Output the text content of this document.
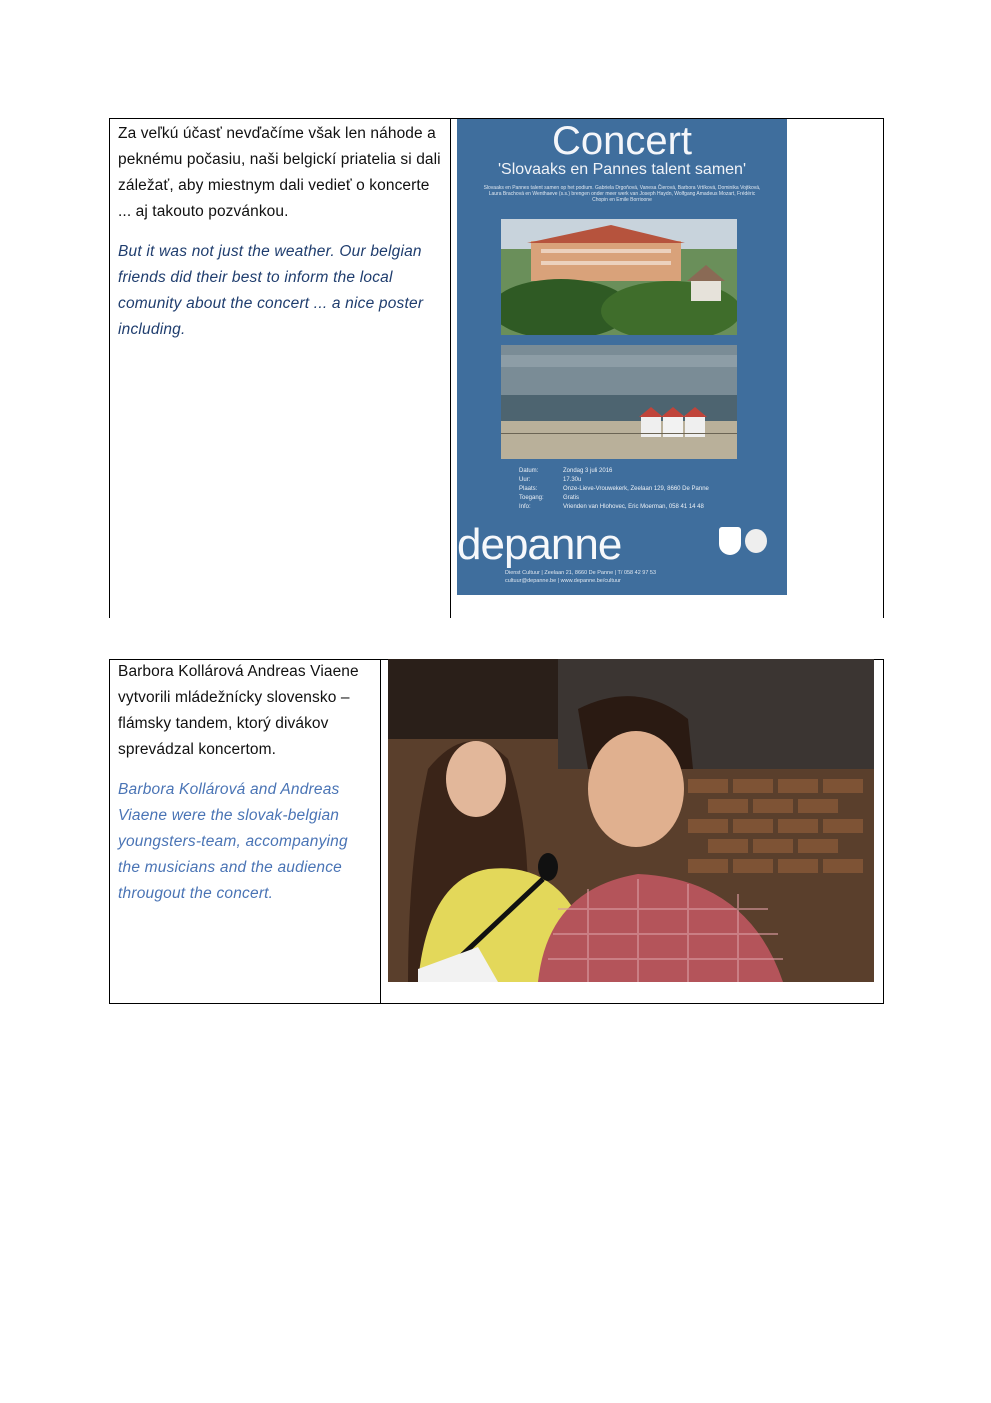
Za veľkú účasť nevďačíme však len náhode a peknému počasiu, naši belgickí priatelia si dali záležať, aby miestnym dali vedieť o koncerte ... aj takouto pozvánkou.

But it was not just the weather. Our belgian friends did their best to inform the local comunity about the concert ... a nice poster including.

Concert
'Slovaaks en Pannes talent samen'
Slovaaks en Pannes talent samen op het podium. Gabriela Drgoňová, Vanesa Čierová, Barbora Vrtíková, Dominika Vojtková, Laura Brachová en Wenthaeve (s.s.) brengen onder meer werk van Joseph Haydn, Wolfgang Amadeus Mozart, Frédéric Chopin en Emile Borrioone
Datum:	Zondag 3 juli 2016
Uur:	17.30u
Plaats:	Onze-Lieve-Vrouwekerk, Zeelaan 129, 8660 De Panne
Toegang:	Gratis
Info:	Vrienden van Hlohovec, Eric Moerman, 058 41 14 48
depanne
Dienst Cultuur | Zeelaan 21, 8660 De Panne | T/ 058 42 97 53
cultuur@depanne.be | www.depanne.be/cultuur

Barbora Kollárová Andreas Viaene vytvorili mládežnícky slovensko – flámsky tandem, ktorý divákov sprevádzal koncertom.

Barbora Kollárová and Andreas Viaene were the slovak-belgian youngsters-team, accompanying the musicians and the audience througout the concert.
